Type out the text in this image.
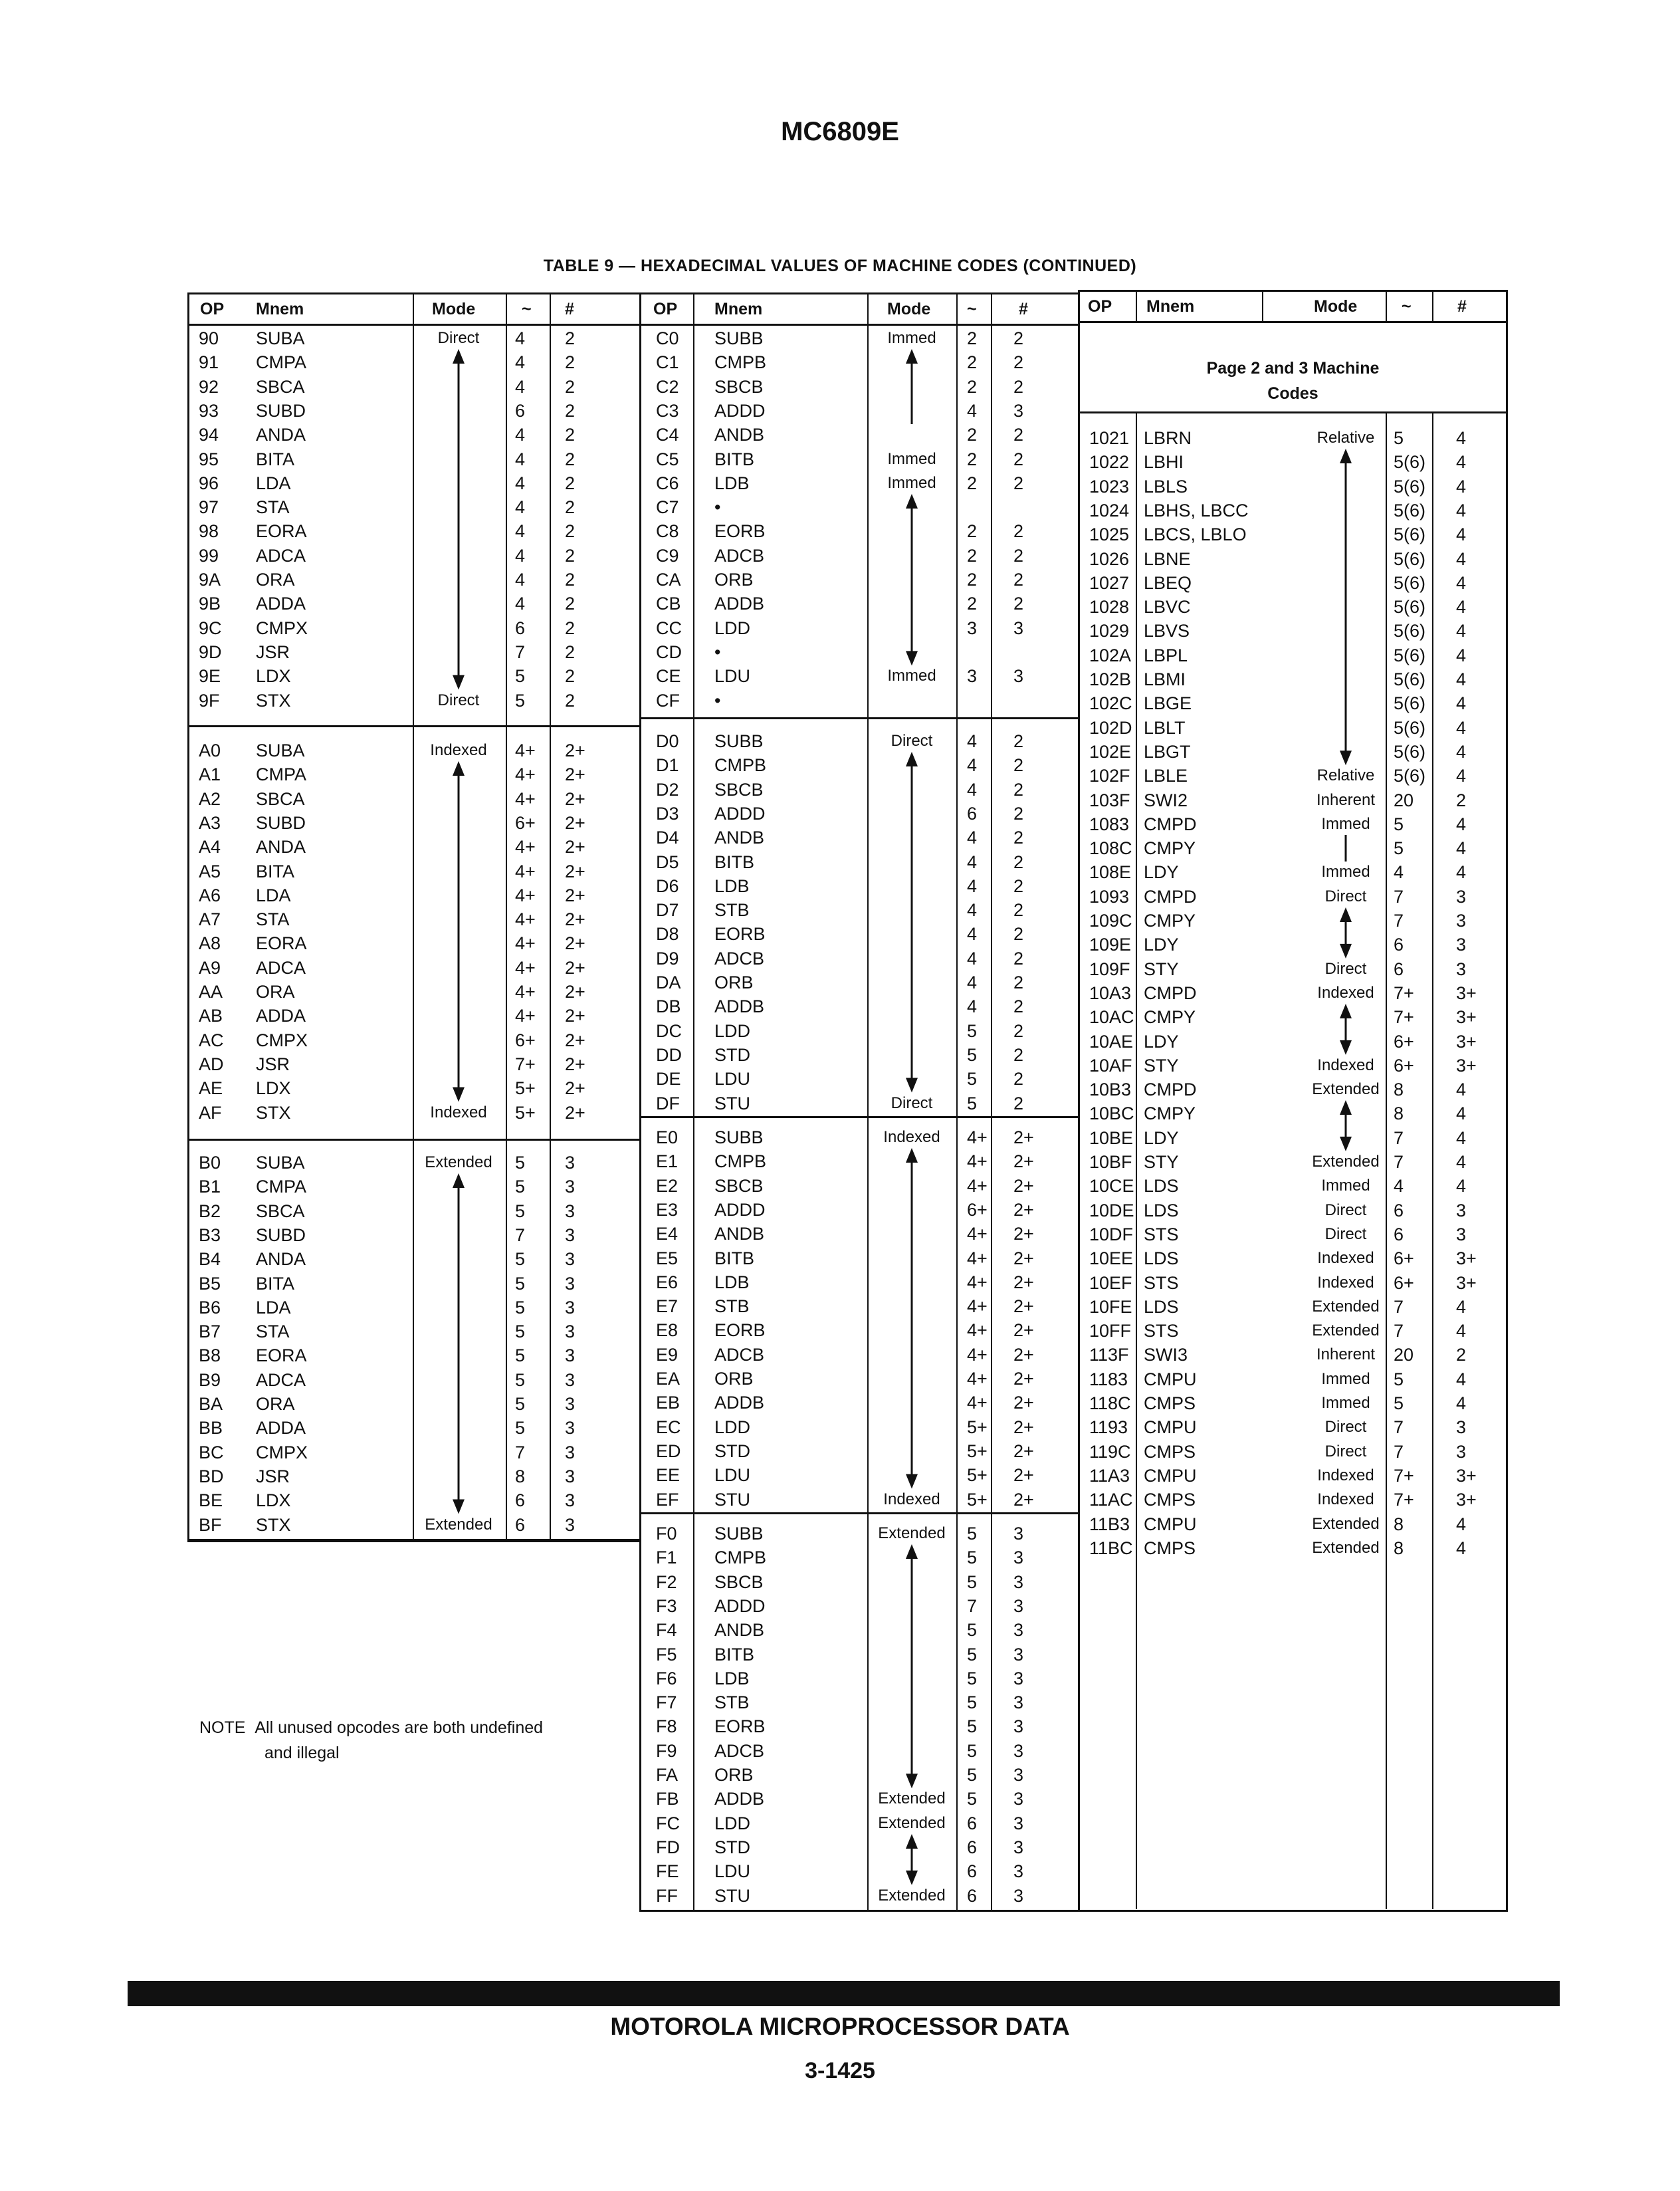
MC6809E
TABLE 9 — HEXADECIMAL VALUES OF MACHINE CODES (CONTINUED)
OP Mnem	Mode	~ #
90 SUBA	Direct	4 2
91 CMPA	4 2
92 SBCA	4 2
93 SUBD	6 2
94 ANDA	4 2
95 BITA	4 2
96 LDA	4 2
97 STA	4 2
98 EORA	4 2
99 ADCA	4 2
9A ORA	4 2
9B ADDA	4 2
9C CMPX	6 2
9D JSR	7 2
9E LDX	5 2
9F STX	Direct	5 2
A0 SUBA	Indexed	4+ 2+
A1 CMPA	4+ 2+
A2 SBCA	4+ 2+
A3 SUBD	6+ 2+
A4 ANDA	4+ 2+
A5 BITA	4+ 2+
A6 LDA	4+ 2+
A7 STA	4+ 2+
A8 EORA	4+ 2+
A9 ADCA	4+ 2+
AA ORA	4+ 2+
AB ADDA	4+ 2+
AC CMPX	6+ 2+
AD JSR	7+ 2+
AE LDX	5+ 2+
AF STX	Indexed	5+ 2+
B0 SUBA	Extended	5 3
B1 CMPA	5 3
B2 SBCA	5 3
B3 SUBD	7 3
B4 ANDA	5 3
B5 BITA	5 3
B6 LDA	5 3
B7 STA	5 3
B8 EORA	5 3
B9 ADCA	5 3
BA ORA	5 3
BB ADDA	5 3
BC CMPX	7 3
BD JSR	8 3
BE LDX	6 3
BF STX	Extended	6 3
NOTE All unused opcodes are both undefined
and illegal
OP Mnem	Mode ~	#
C0 SUBB	Immed	2 2
C1 CMPB	2 2
C2 SBCB	2 2
C3 ADDD	4 3
C4 ANDB	2 2
C5 BITB	Immed	2 2
C6 LDB	Immed	2 2
C7 •
C8 EORB	2 2
C9 ADCB	2 2
CA ORB	2 2
CB ADDB	2 2
CC LDD	3 3
CD •
CE LDU	Immed	3 3
CF •
D0 SUBB	Direct	4 2
D1 CMPB	4 2
D2 SBCB	4 2
D3 ADDD	6 2
D4 ANDB	4 2
D5 BITB	4 2
D6 LDB	4 2
D7 STB	4 2
D8 EORB	4 2
D9 ADCB	4 2
DA ORB	4 2
DB ADDB	4 2
DC LDD	5 2
DD STD	5 2
DE LDU	5 2
DF STU	Direct	5 2
E0 SUBB	Indexed	4+ 2+
E1 CMPB	4+ 2+
E2 SBCB	4+ 2+
E3 ADDD	6+ 2+
E4 ANDB	4+ 2+
E5 BITB	4+ 2+
E6 LDB	4+ 2+
E7 STB	4+ 2+
E8 EORB	4+ 2+
E9 ADCB	4+ 2+
EA ORB	4+ 2+
EB ADDB	4+ 2+
EC LDD	5+ 2+
ED STD	5+ 2+
EE LDU	5+ 2+
EF STU	Indexed	5+ 2+
F0 SUBB	Extended	5 3
F1 CMPB	5 3
F2 SBCB	5 3
F3 ADDD	7 3
F4 ANDB	5 3
F5 BITB	5 3
F6 LDB	5 3
F7 STB	5 3
F8 EORB	5 3
F9 ADCB	5 3
FA ORB	5 3
FB ADDB	Extended	5 3
FC LDD	Extended	6 3
FD STD	6 3
FE LDU	6 3
FF STU	Extended	6 3
OP Mnem	Mode	~	#
Page 2 and 3 Machine
Codes
1021 LBRN	Relative	5	4
1022 LBHI	5(6) 4
1023 LBLS	5(6) 4
1024 LBHS, LBCC	5(6) 4
1025 LBCS, LBLO	5(6) 4
1026 LBNE	5(6) 4
1027 LBEQ	5(6) 4
1028 LBVC	5(6) 4
1029 LBVS	5(6) 4
102A LBPL	5(6) 4
102B LBMI	5(6) 4
102C LBGE	5(6) 4
102D LBLT	5(6) 4
102E LBGT	5(6) 4
102F LBLE	Relative	5(6) 4
103F SWI2	Inherent	20 2
1083 CMPD	Immed	5	4
108C CMPY	5	4
108E LDY	Immed	4	4
1093 CMPD	Direct	7	3
109C CMPY	7	3
109E LDY	6	3
109F STY	Direct	6	3
10A3 CMPD	Indexed	7+ 3+
10AC CMPY	7+ 3+
10AE LDY	6+ 3+
10AF STY	Indexed	6+ 3+
10B3 CMPD	Extended 8	4
10BC CMPY	8	4
10BE LDY	7	4
10BF STY	Extended 7	4
10CE LDS	Immed	4	4
10DE LDS	Direct	6	3
10DF STS	Direct	6	3
10EE LDS	Indexed	6+ 3+
10EF STS	Indexed	6+ 3+
10FE LDS	Extended 7	4
10FF STS	Extended 7	4
113F SWI3	Inherent	20 2
1183 CMPU	Immed	5	4
118C CMPS	Immed	5	4
1193 CMPU	Direct	7	3
119C CMPS	Direct	7	3
11A3 CMPU	Indexed	7+ 3+
11AC CMPS	Indexed	7+ 3+
11B3 CMPU	Extended 8	4
11BC CMPS	Extended 8	4
MOTOROLA MICROPROCESSOR DATA
3-1425
